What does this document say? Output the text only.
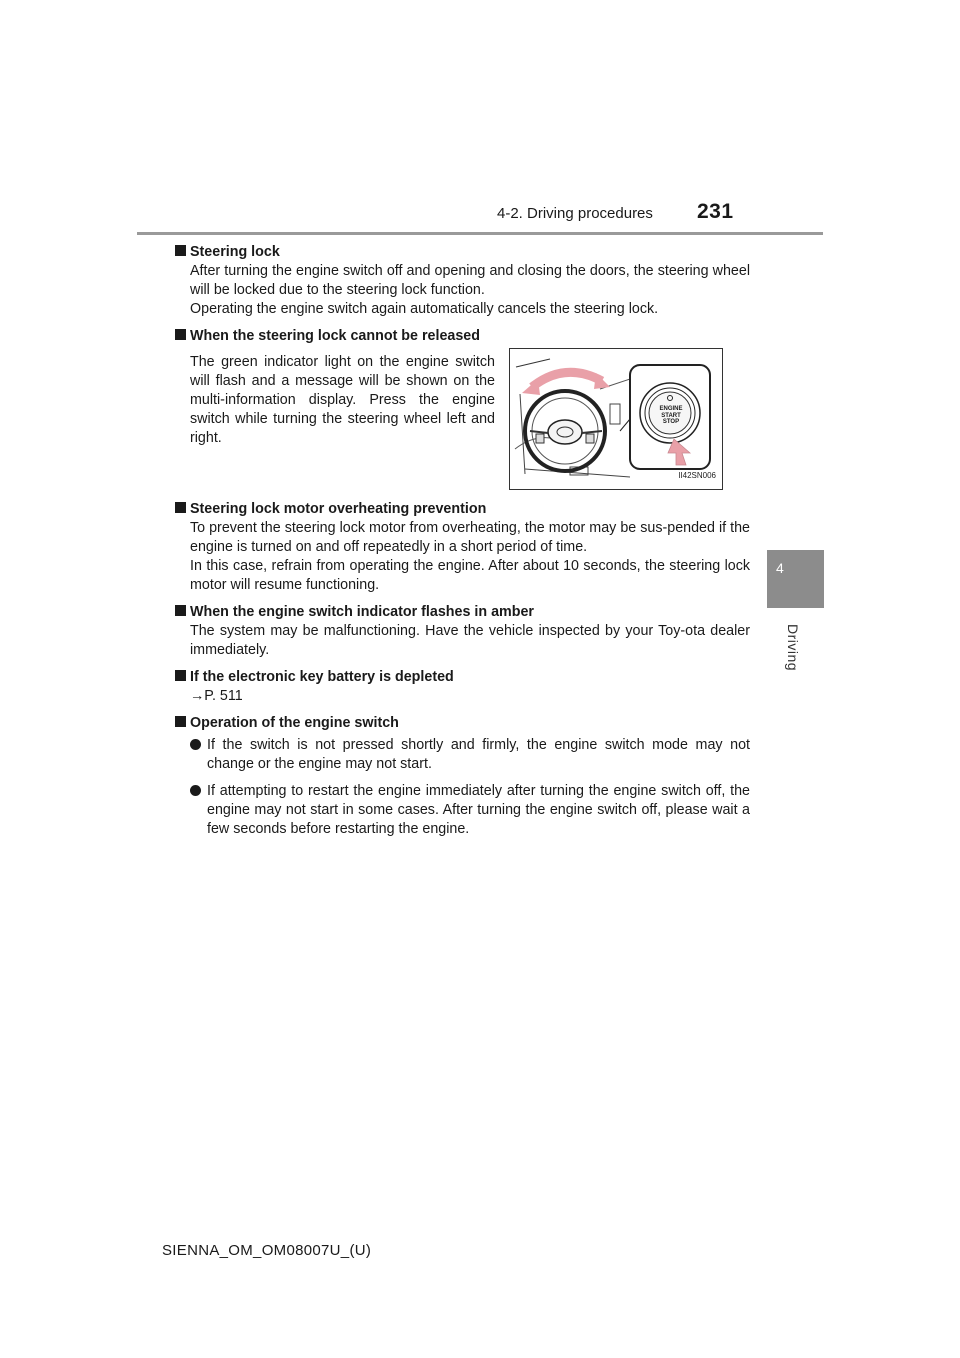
4-2. Driving procedures 231
4
Driving
Steering lock

After turning the engine switch off and opening and closing the doors, the steering wheel will be locked due to the steering lock function.

Operating the engine switch again automatically cancels the steering lock.

When the steering lock cannot be released

The green indicator light on the engine switch will flash and a message will be shown on the multi-information display. Press the engine switch while turning the steering wheel left and right.

ENGINE
START
STOP
II42SN006
Steering lock motor overheating prevention

To prevent the steering lock motor from overheating, the motor may be sus-pended if the engine is turned on and off repeatedly in a short period of time.

In this case, refrain from operating the engine. After about 10 seconds, the steering lock motor will resume functioning.

When the engine switch indicator flashes in amber

The system may be malfunctioning. Have the vehicle inspected by your Toy-ota dealer immediately.

If the electronic key battery is depleted

→P. 511

Operation of the engine switch
If the switch is not pressed shortly and firmly, the engine switch mode may not change or the engine may not start.
If attempting to restart the engine immediately after turning the engine switch off, the engine may not start in some cases. After turning the engine switch off, please wait a few seconds before restarting the engine.
SIENNA_OM_OM08007U_(U)
